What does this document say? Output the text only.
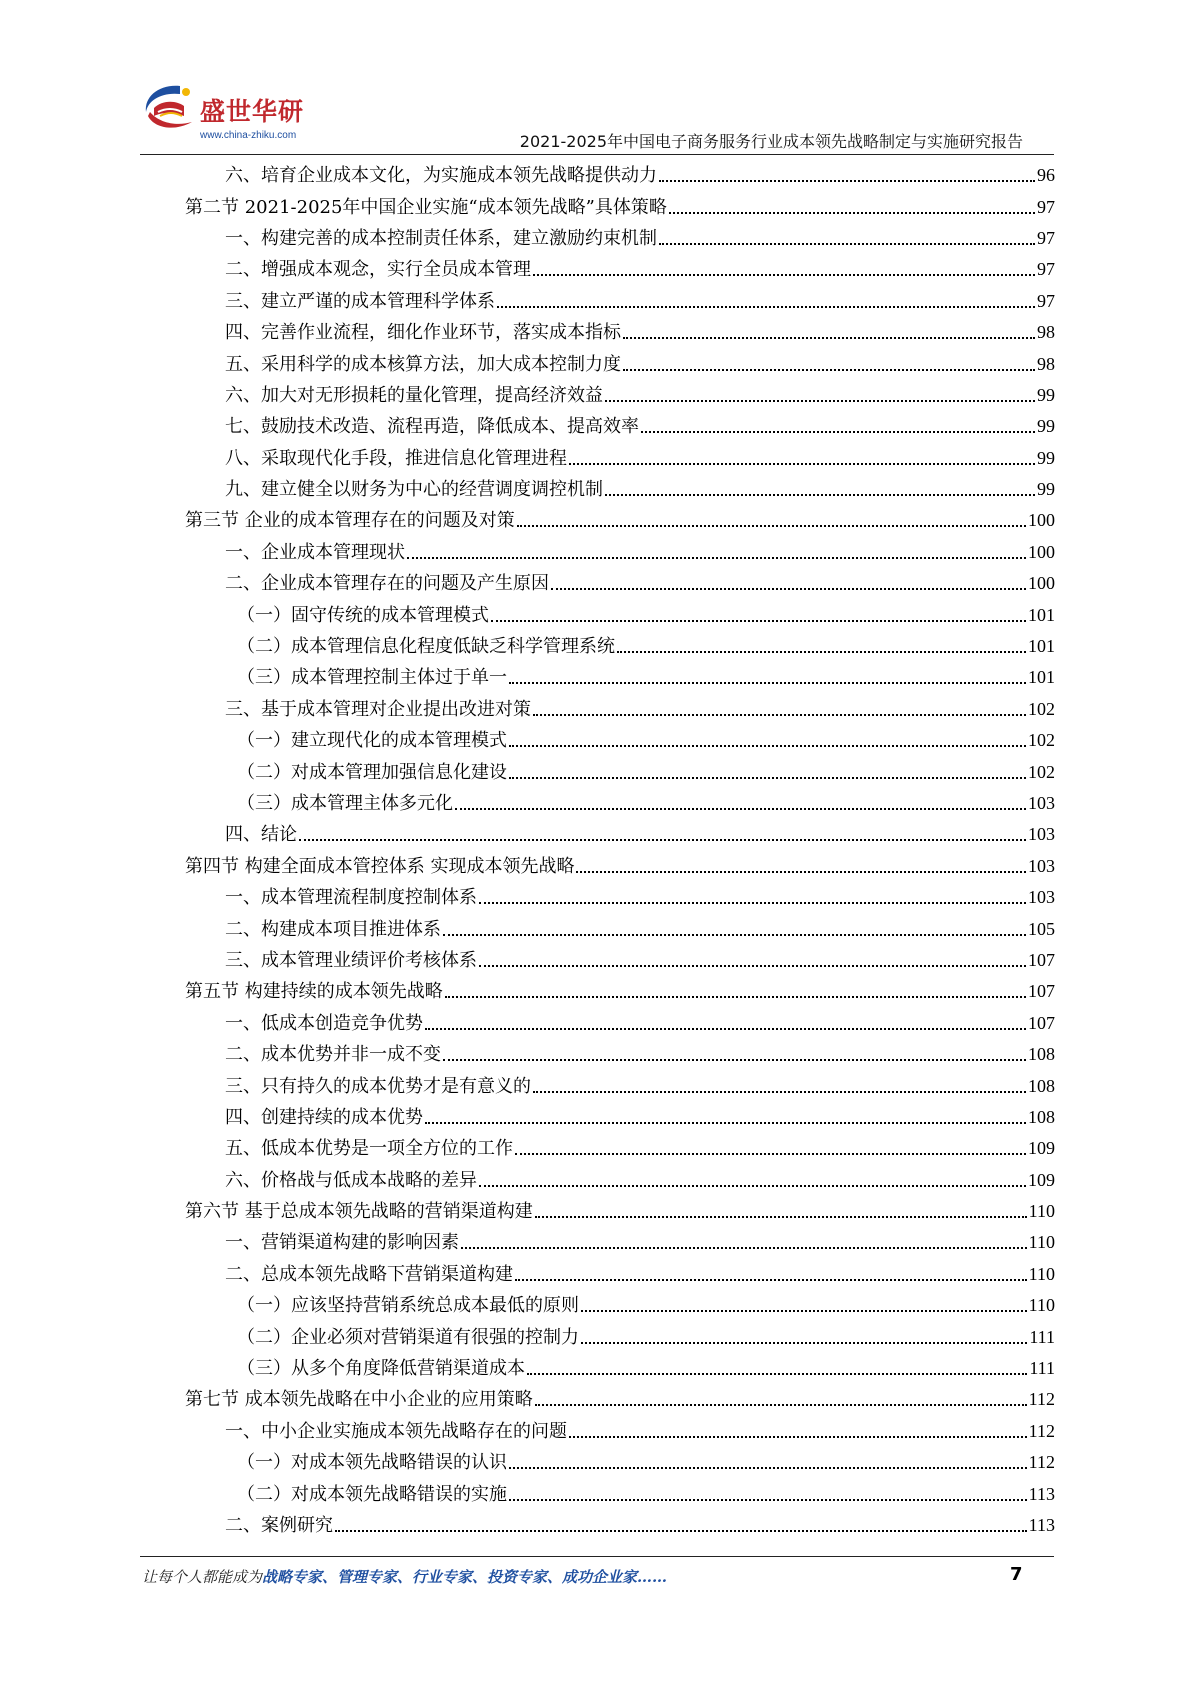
盛世华研
www.china-zhiku.com	2021-2025年中国电子商务服务行业成本领先战略制定与实施研究报告
六、培育企业成本文化，为实施成本领先战略提供动力	96
第二节 2021-2025年中国企业实施“成本领先战略”具体策略	97
一、构建完善的成本控制责任体系，建立激励约束机制	97
二、增强成本观念，实行全员成本管理	97
三、建立严谨的成本管理科学体系	97
四、完善作业流程，细化作业环节，落实成本指标	98
五、采用科学的成本核算方法，加大成本控制力度	98
六、加大对无形损耗的量化管理，提高经济效益	99
七、鼓励技术改造、流程再造，降低成本、提高效率	99
八、采取现代化手段，推进信息化管理进程	99
九、建立健全以财务为中心的经营调度调控机制	99
第三节 企业的成本管理存在的问题及对策	100
一、企业成本管理现状	100
二、企业成本管理存在的问题及产生原因	100
（一）固守传统的成本管理模式	101
（二）成本管理信息化程度低缺乏科学管理系统	101
（三）成本管理控制主体过于单一	101
三、基于成本管理对企业提出改进对策	102
（一）建立现代化的成本管理模式	102
（二）对成本管理加强信息化建设	102
（三）成本管理主体多元化	103
四、结论	103
第四节 构建全面成本管控体系 实现成本领先战略	103
一、成本管理流程制度控制体系	103
二、构建成本项目推进体系	105
三、成本管理业绩评价考核体系	107
第五节 构建持续的成本领先战略	107
一、低成本创造竞争优势	107
二、成本优势并非一成不变	108
三、只有持久的成本优势才是有意义的	108
四、创建持续的成本优势	108
五、低成本优势是一项全方位的工作	109
六、价格战与低成本战略的差异	109
第六节 基于总成本领先战略的营销渠道构建	110
一、营销渠道构建的影响因素	110
二、总成本领先战略下营销渠道构建	110
（一）应该坚持营销系统总成本最低的原则	110
（二）企业必须对营销渠道有很强的控制力	111
（三）从多个角度降低营销渠道成本	111
第七节 成本领先战略在中小企业的应用策略	112
一、中小企业实施成本领先战略存在的问题	112
（一）对成本领先战略错误的认识	112
（二）对成本领先战略错误的实施	113
二、案例研究	113
让每个人都能成为战略专家、管理专家、行业专家、投资专家、成功企业家……	7
